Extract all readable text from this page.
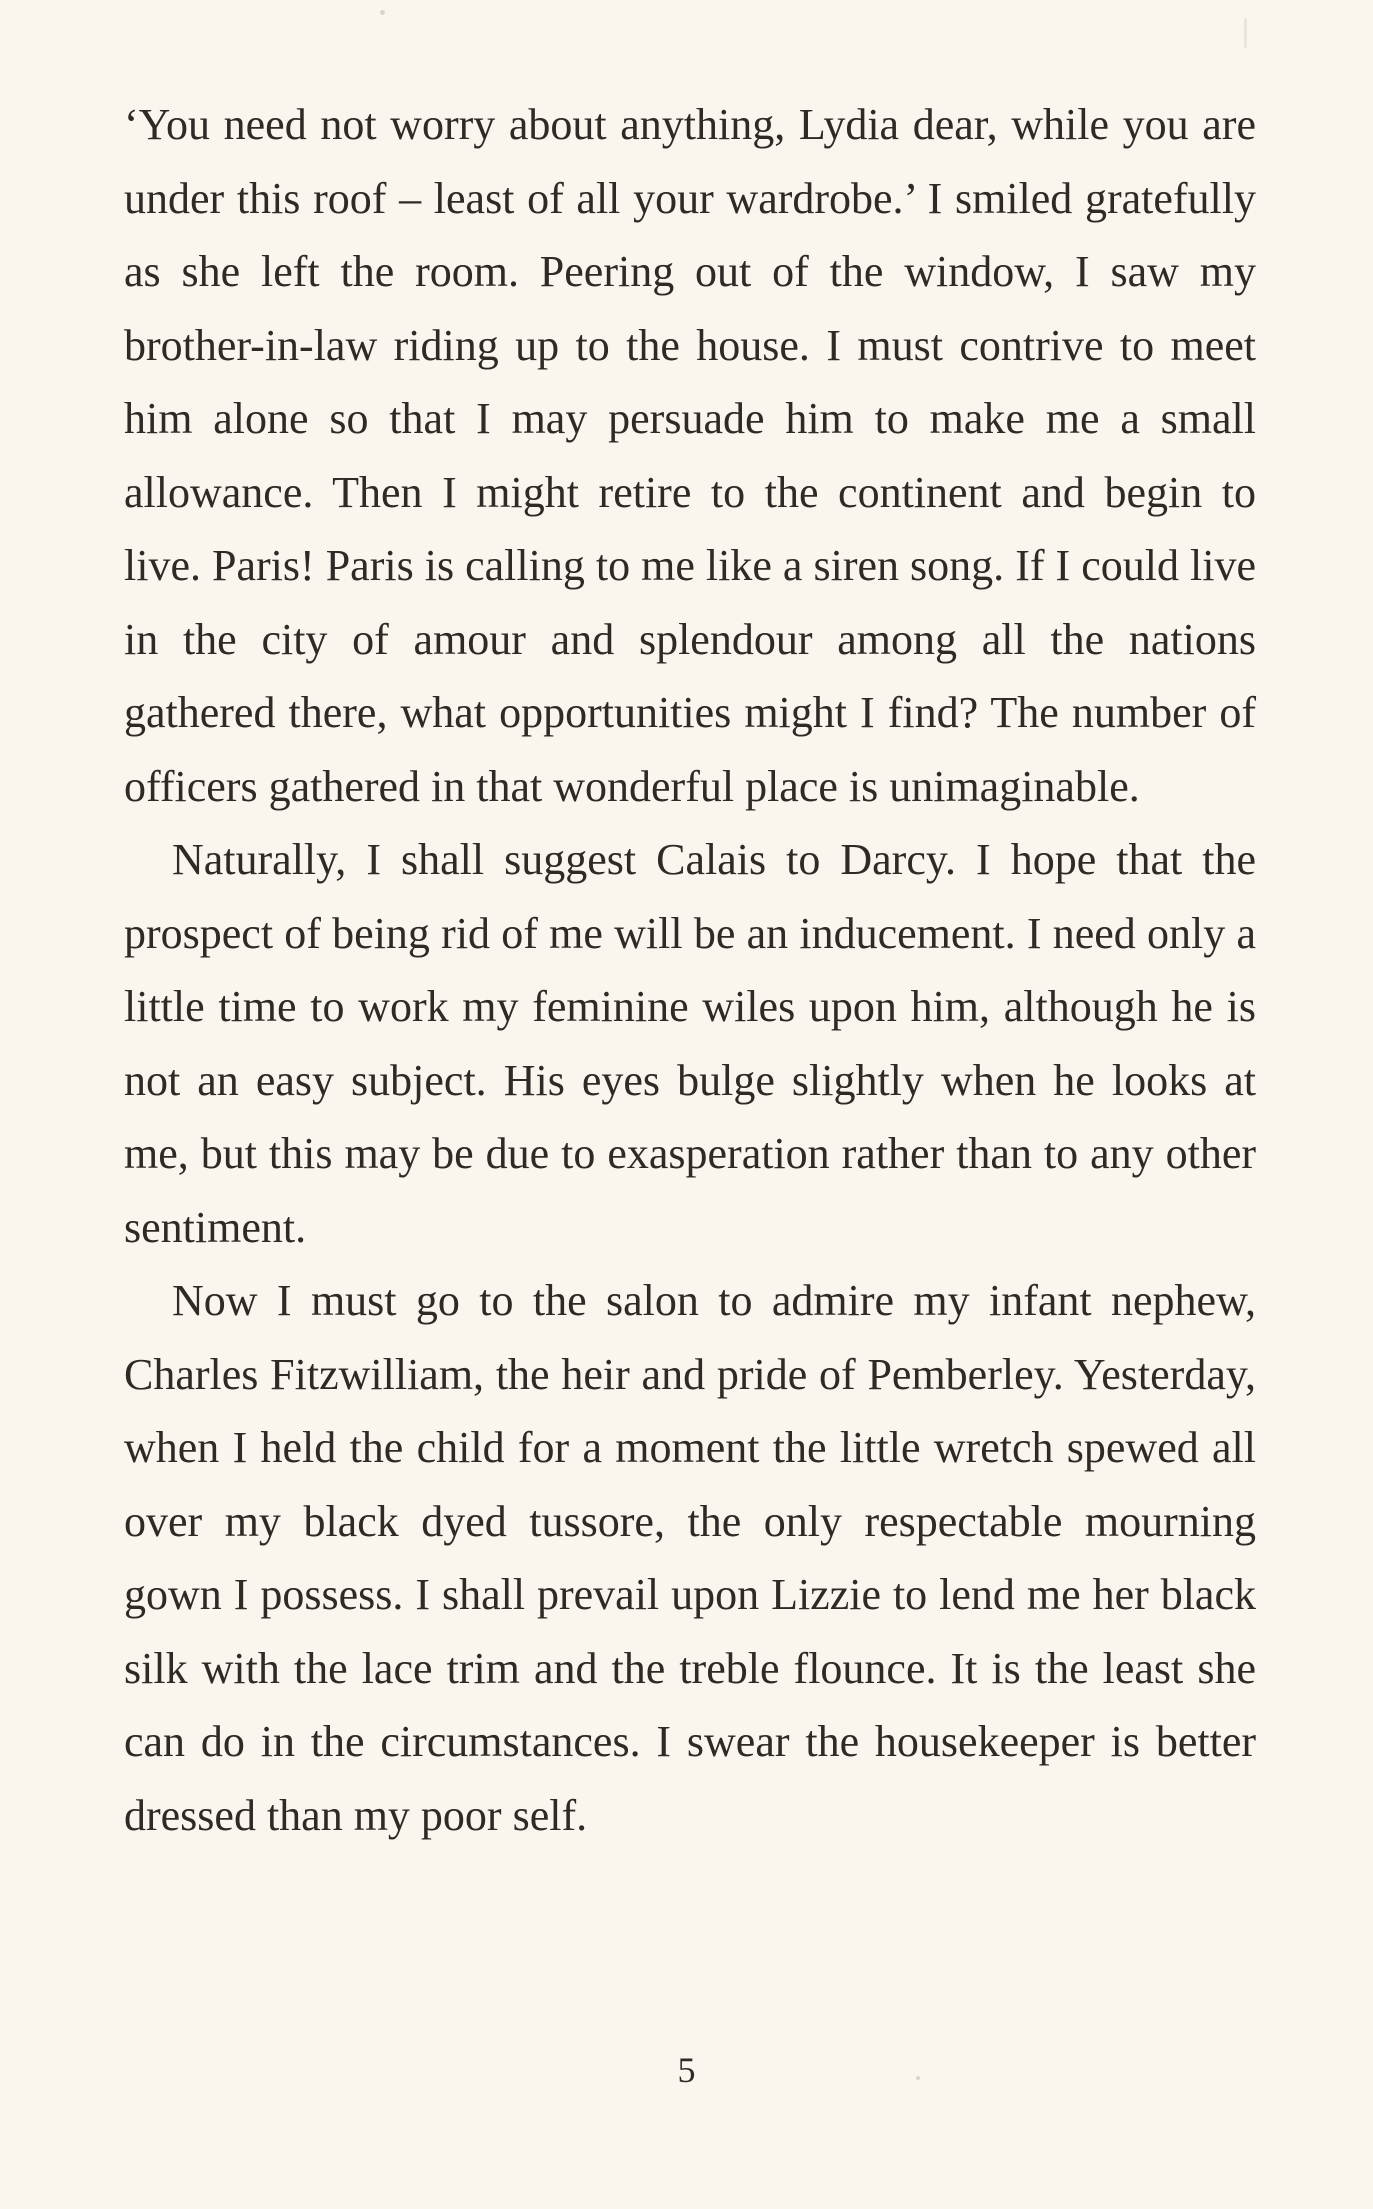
‘You need not worry about anything, Lydia dear, while you are under this roof – least of all your wardrobe.’ I smiled gratefully as she left the room. Peering out of the window, I saw my brother-in-law riding up to the house. I must contrive to meet him alone so that I may persuade him to make me a small allowance. Then I might retire to the continent and begin to live. Paris! Paris is calling to me like a siren song. If I could live in the city of amour and splendour among all the nations gathered there, what opportunities might I find? The number of officers gathered in that wonderful place is unimaginable.

Naturally, I shall suggest Calais to Darcy. I hope that the prospect of being rid of me will be an inducement. I need only a little time to work my feminine wiles upon him, although he is not an easy subject. His eyes bulge slightly when he looks at me, but this may be due to exasperation rather than to any other sentiment.

Now I must go to the salon to admire my infant nephew, Charles Fitzwilliam, the heir and pride of Pemberley. Yesterday, when I held the child for a moment the little wretch spewed all over my black dyed tussore, the only respectable mourning gown I possess. I shall prevail upon Lizzie to lend me her black silk with the lace trim and the treble flounce. It is the least she can do in the circumstances. I swear the housekeeper is better dressed than my poor self.

5
